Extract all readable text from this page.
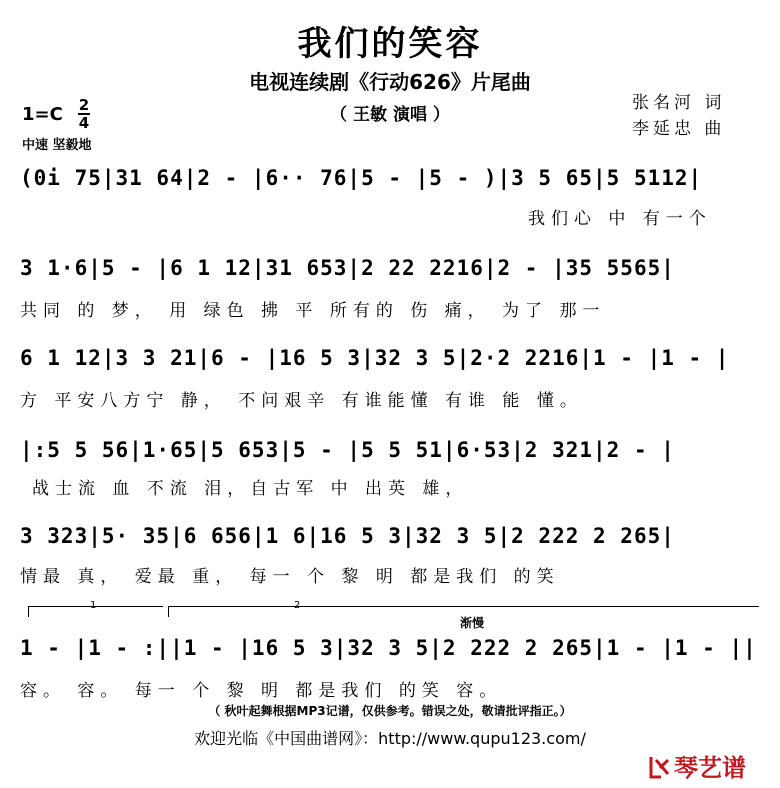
我们的笑容
电视连续剧《行动626》片尾曲
（ 王敏 演唱 ）
张名河 词
李延忠 曲
1=C 2
4
中速 坚毅地
(0i 75|31 64|2 - |6·· 76|5 - |5 - )|3 5 65|5 5112|
我们心 中 有一个
3 1·6|5 - |6 1 12|31 653|2 22 2216|2 - |35 5565|
共同 的 梦， 用 绿色 拂 平 所有的 伤 痛， 为了 那一
6 1 12|3 3 21|6 - |16 5 3|32 3 5|2·2 2216|1 - |1 - |
方 平安八方宁 静， 不问艰辛 有谁能懂 有谁 能 懂。
|:5 5 56|1·65|5 653|5 - |5 5 51|6·53|2 321|2 - |
战士流 血 不流 泪，自古军 中 出英 雄，
3 323|5· 35|6 656|1 6|16 5 3|32 3 5|2 222 2 265|
情最 真， 爱最 重， 每一 个 黎 明 都是我们 的笑
1	2
渐慢
1 - |1 - :||1 - |16 5 3|32 3 5|2 222 2 265|1 - |1 - ||
容。 容。 每一 个 黎 明 都是我们 的笑 容。
（ 秋叶起舞根据MP3记谱，仅供参考。错误之处，敬请批评指正。）
欢迎光临《中国曲谱网》：http://www.qupu123.com/
琴艺谱
